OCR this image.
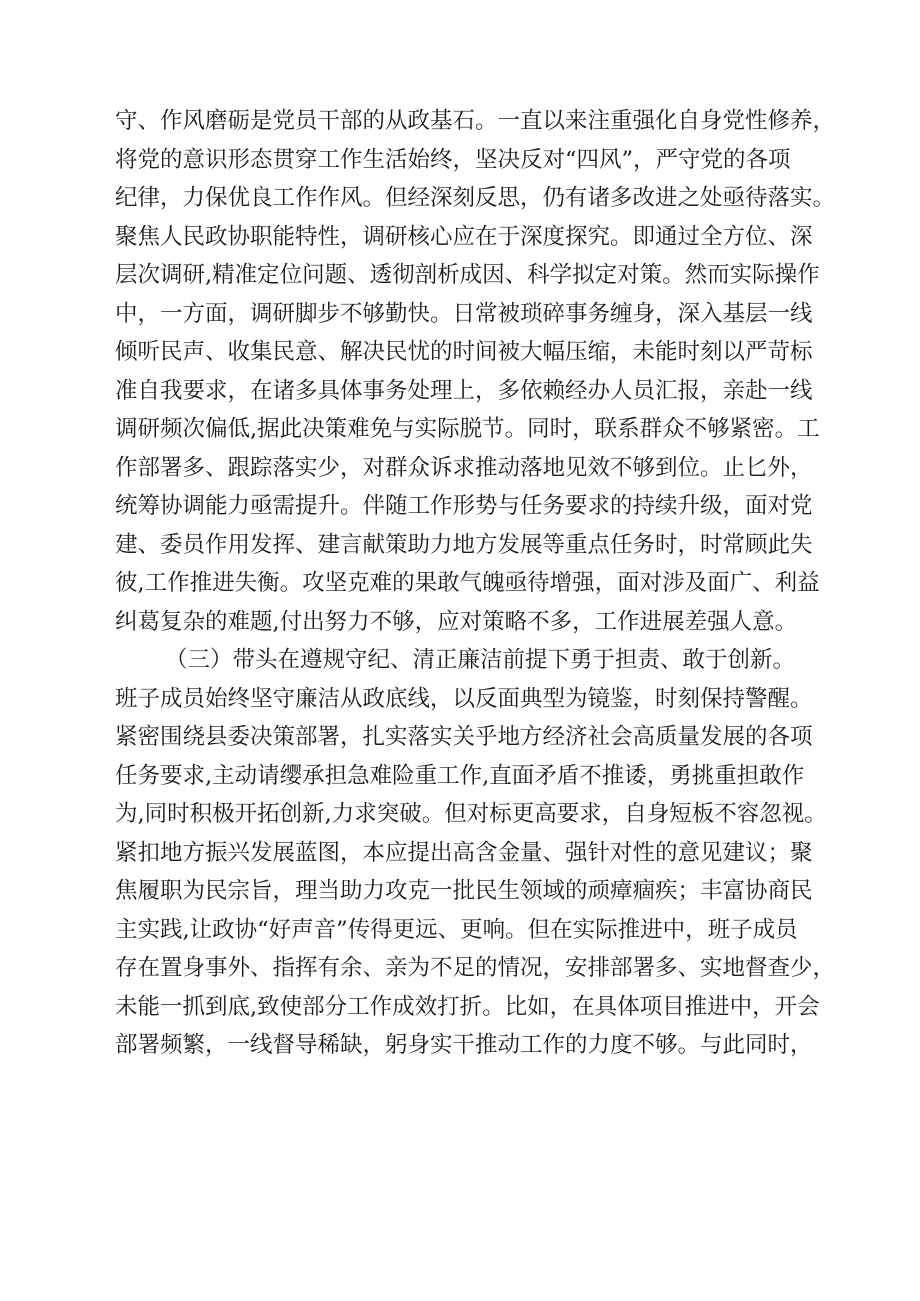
守、作风磨砺是党员干部的从政基石。一直以来注重强化自身党性修养，
将党的意识形态贯穿工作生活始终，坚决反对“四风”，严守党的各项
纪律，力保优良工作作风。但经深刻反思，仍有诸多改进之处亟待落实。
聚焦人民政协职能特性，调研核心应在于深度探究。即通过全方位、深
层次调研,精准定位问题、透彻剖析成因、科学拟定对策。然而实际操作
中，一方面，调研脚步不够勤快。日常被琐碎事务缠身，深入基层一线
倾听民声、收集民意、解决民忧的时间被大幅压缩，未能时刻以严苛标
准自我要求，在诸多具体事务处理上，多依赖经办人员汇报，亲赴一线
调研频次偏低,据此决策难免与实际脱节。同时，联系群众不够紧密。工
作部署多、跟踪落实少，对群众诉求推动落地见效不够到位。止匕外，
统筹协调能力亟需提升。伴随工作形势与任务要求的持续升级，面对党
建、委员作用发挥、建言献策助力地方发展等重点任务时，时常顾此失
彼,工作推进失衡。攻坚克难的果敢气魄亟待增强，面对涉及面广、利益
纠葛复杂的难题,付出努力不够，应对策略不多，工作进展差强人意。
（三）带头在遵规守纪、清正廉洁前提下勇于担责、敢于创新。
班子成员始终坚守廉洁从政底线，以反面典型为镜鉴，时刻保持警醒。
紧密围绕县委决策部署，扎实落实关乎地方经济社会高质量发展的各项
任务要求,主动请缨承担急难险重工作,直面矛盾不推诿，勇挑重担敢作
为,同时积极开拓创新,力求突破。但对标更高要求，自身短板不容忽视。
紧扣地方振兴发展蓝图，本应提出高含金量、强针对性的意见建议；聚
焦履职为民宗旨，理当助力攻克一批民生领域的顽瘴痼疾；丰富协商民
主实践,让政协“好声音”传得更远、更响。但在实际推进中，班子成员
存在置身事外、指挥有余、亲为不足的情况，安排部署多、实地督查少，
未能一抓到底,致使部分工作成效打折。比如，在具体项目推进中，开会
部署频繁，一线督导稀缺，躬身实干推动工作的力度不够。与此同时，
